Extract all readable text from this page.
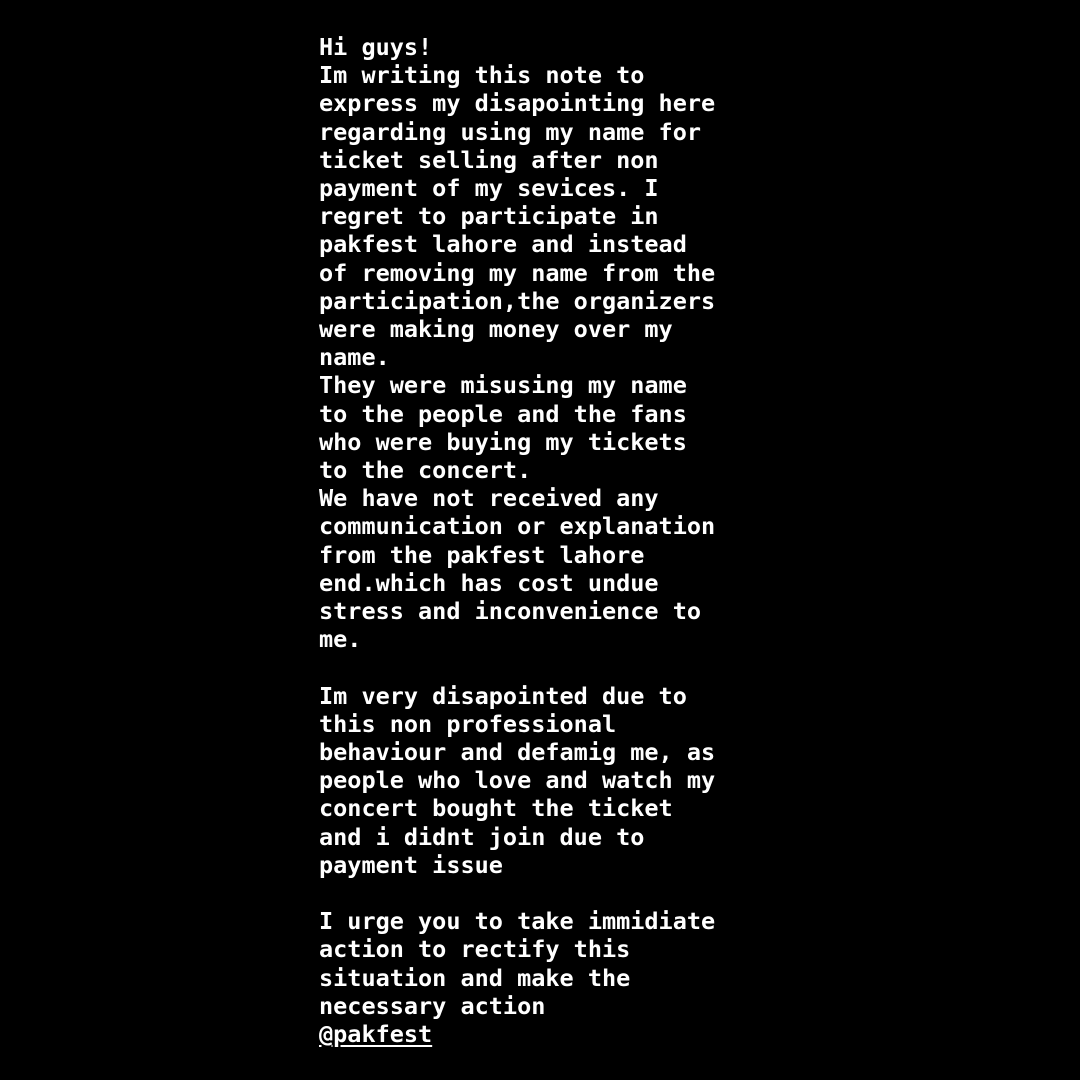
Hi guys!
Im writing this note to
express my disapointing here
regarding using my name for
ticket selling after non
payment of my sevices. I
regret to participate in
pakfest lahore and instead
of removing my name from the
participation,the organizers
were making money over my
name.
They were misusing my name
to the people and the fans
who were buying my tickets
to the concert.
We have not received any
communication or explanation
from the pakfest lahore
end.which has cost undue
stress and inconvenience to
me.
Im very disapointed due to
this non professional
behaviour and defamig me, as
people who love and watch my
concert bought the ticket
and i didnt join due to
payment issue
I urge you to take immidiate
action to rectify this
situation and make the
necessary action
@pakfest
